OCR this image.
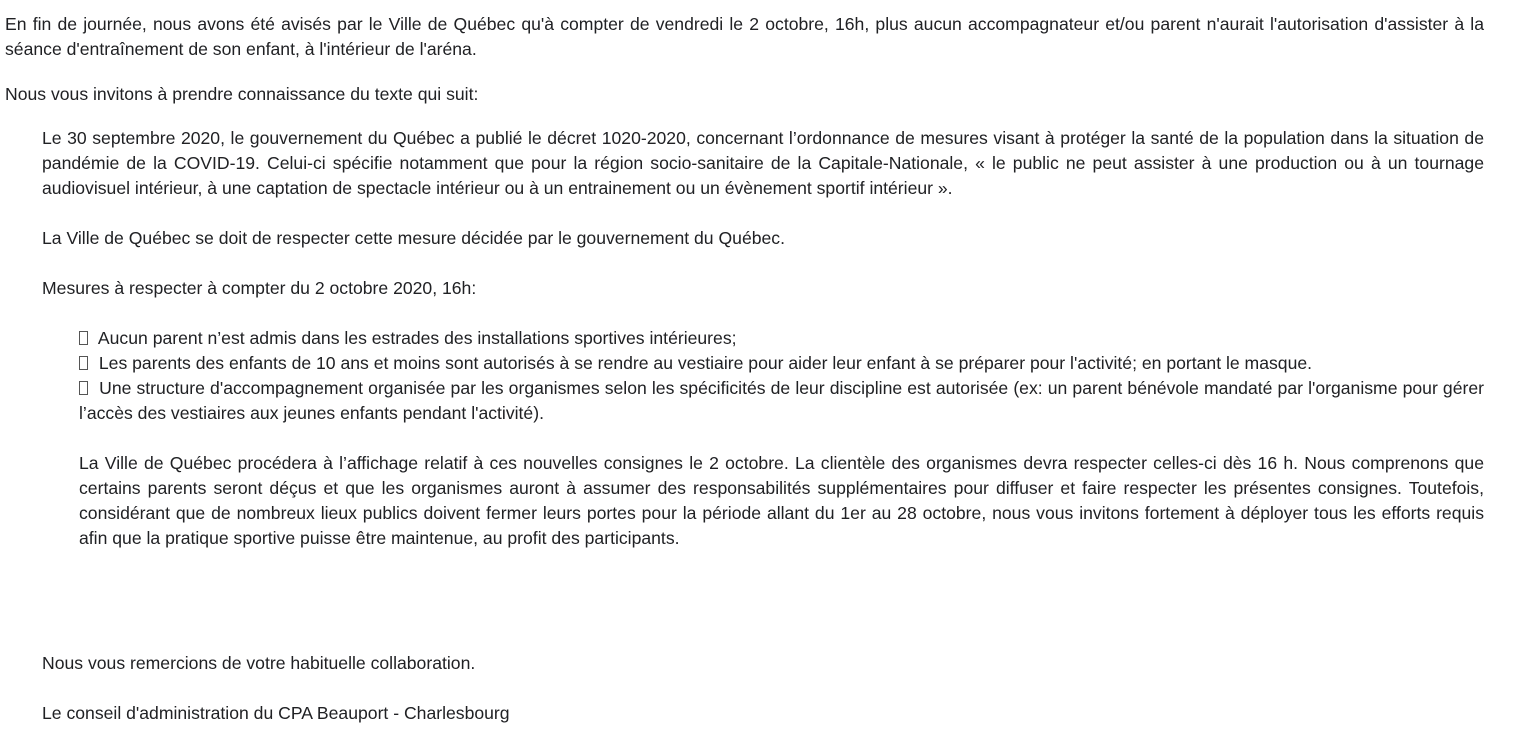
En fin de journée, nous avons été avisés par le Ville de Québec qu'à compter de vendredi le 2 octobre, 16h, plus aucun accompagnateur et/ou parent n'aurait l'autorisation d'assister à la séance d'entraînement de son enfant, à l'intérieur de l'aréna.
Nous vous invitons à prendre connaissance du texte qui suit:
Le 30 septembre 2020, le gouvernement du Québec a publié le décret 1020-2020, concernant l’ordonnance de mesures visant à protéger la santé de la population dans la situation de pandémie de la COVID-19. Celui-ci spécifie notamment que pour la région socio-sanitaire de la Capitale-Nationale, « le public ne peut assister à une production ou à un tournage audiovisuel intérieur, à une captation de spectacle intérieur ou à un entrainement ou un évènement sportif intérieur ».
La Ville de Québec se doit de respecter cette mesure décidée par le gouvernement du Québec.
Mesures à respecter à compter du 2 octobre 2020, 16h:
Aucun parent n’est admis dans les estrades des installations sportives intérieures;
Les parents des enfants de 10 ans et moins sont autorisés à se rendre au vestiaire pour aider leur enfant à se préparer pour l'activité; en portant le masque.
Une structure d'accompagnement organisée par les organismes selon les spécificités de leur discipline est autorisée (ex: un parent bénévole mandaté par l'organisme pour gérer l’accès des vestiaires aux jeunes enfants pendant l'activité).
La Ville de Québec procédera à l’affichage relatif à ces nouvelles consignes le 2 octobre. La clientèle des organismes devra respecter celles-ci dès 16 h. Nous comprenons que certains parents seront déçus et que les organismes auront à assumer des responsabilités supplémentaires pour diffuser et faire respecter les présentes consignes. Toutefois, considérant que de nombreux lieux publics doivent fermer leurs portes pour la période allant du 1er au 28 octobre, nous vous invitons fortement à déployer tous les efforts requis afin que la pratique sportive puisse être maintenue, au profit des participants.
Nous vous remercions de votre habituelle collaboration.
Le conseil d'administration du CPA Beauport - Charlesbourg
